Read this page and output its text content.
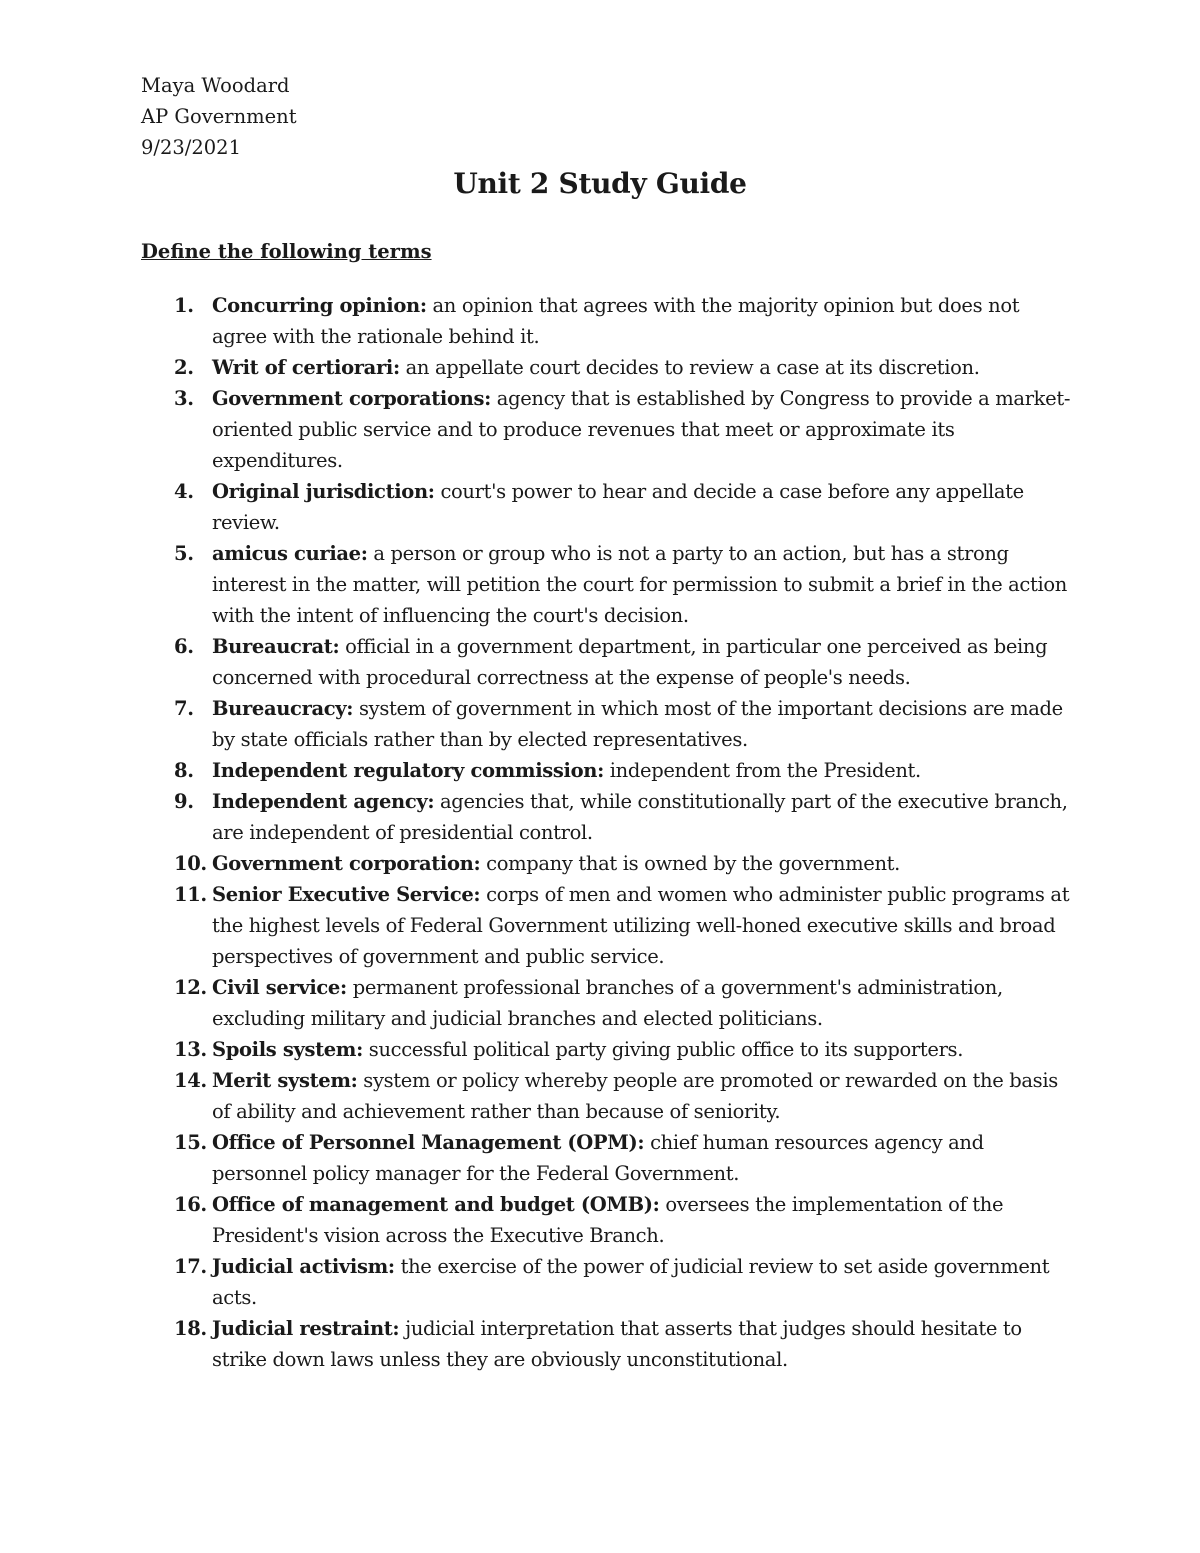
Maya Woodard
AP Government
9/23/2021
Unit 2 Study Guide
Define the following terms
1. Concurring opinion: an opinion that agrees with the majority opinion but does not agree with the rationale behind it.
2. Writ of certiorari: an appellate court decides to review a case at its discretion.
3. Government corporations: agency that is established by Congress to provide a market-oriented public service and to produce revenues that meet or approximate its expenditures.
4. Original jurisdiction: court's power to hear and decide a case before any appellate review.
5. amicus curiae: a person or group who is not a party to an action, but has a strong interest in the matter, will petition the court for permission to submit a brief in the action with the intent of influencing the court's decision.
6. Bureaucrat: official in a government department, in particular one perceived as being concerned with procedural correctness at the expense of people's needs.
7. Bureaucracy: system of government in which most of the important decisions are made by state officials rather than by elected representatives.
8. Independent regulatory commission: independent from the President.
9. Independent agency: agencies that, while constitutionally part of the executive branch, are independent of presidential control.
10. Government corporation: company that is owned by the government.
11. Senior Executive Service: corps of men and women who administer public programs at the highest levels of Federal Government utilizing well-honed executive skills and broad perspectives of government and public service.
12. Civil service: permanent professional branches of a government's administration, excluding military and judicial branches and elected politicians.
13. Spoils system: successful political party giving public office to its supporters.
14. Merit system: system or policy whereby people are promoted or rewarded on the basis of ability and achievement rather than because of seniority.
15. Office of Personnel Management (OPM): chief human resources agency and personnel policy manager for the Federal Government.
16. Office of management and budget (OMB): oversees the implementation of the President's vision across the Executive Branch.
17. Judicial activism: the exercise of the power of judicial review to set aside government acts.
18. Judicial restraint: judicial interpretation that asserts that judges should hesitate to strike down laws unless they are obviously unconstitutional.
